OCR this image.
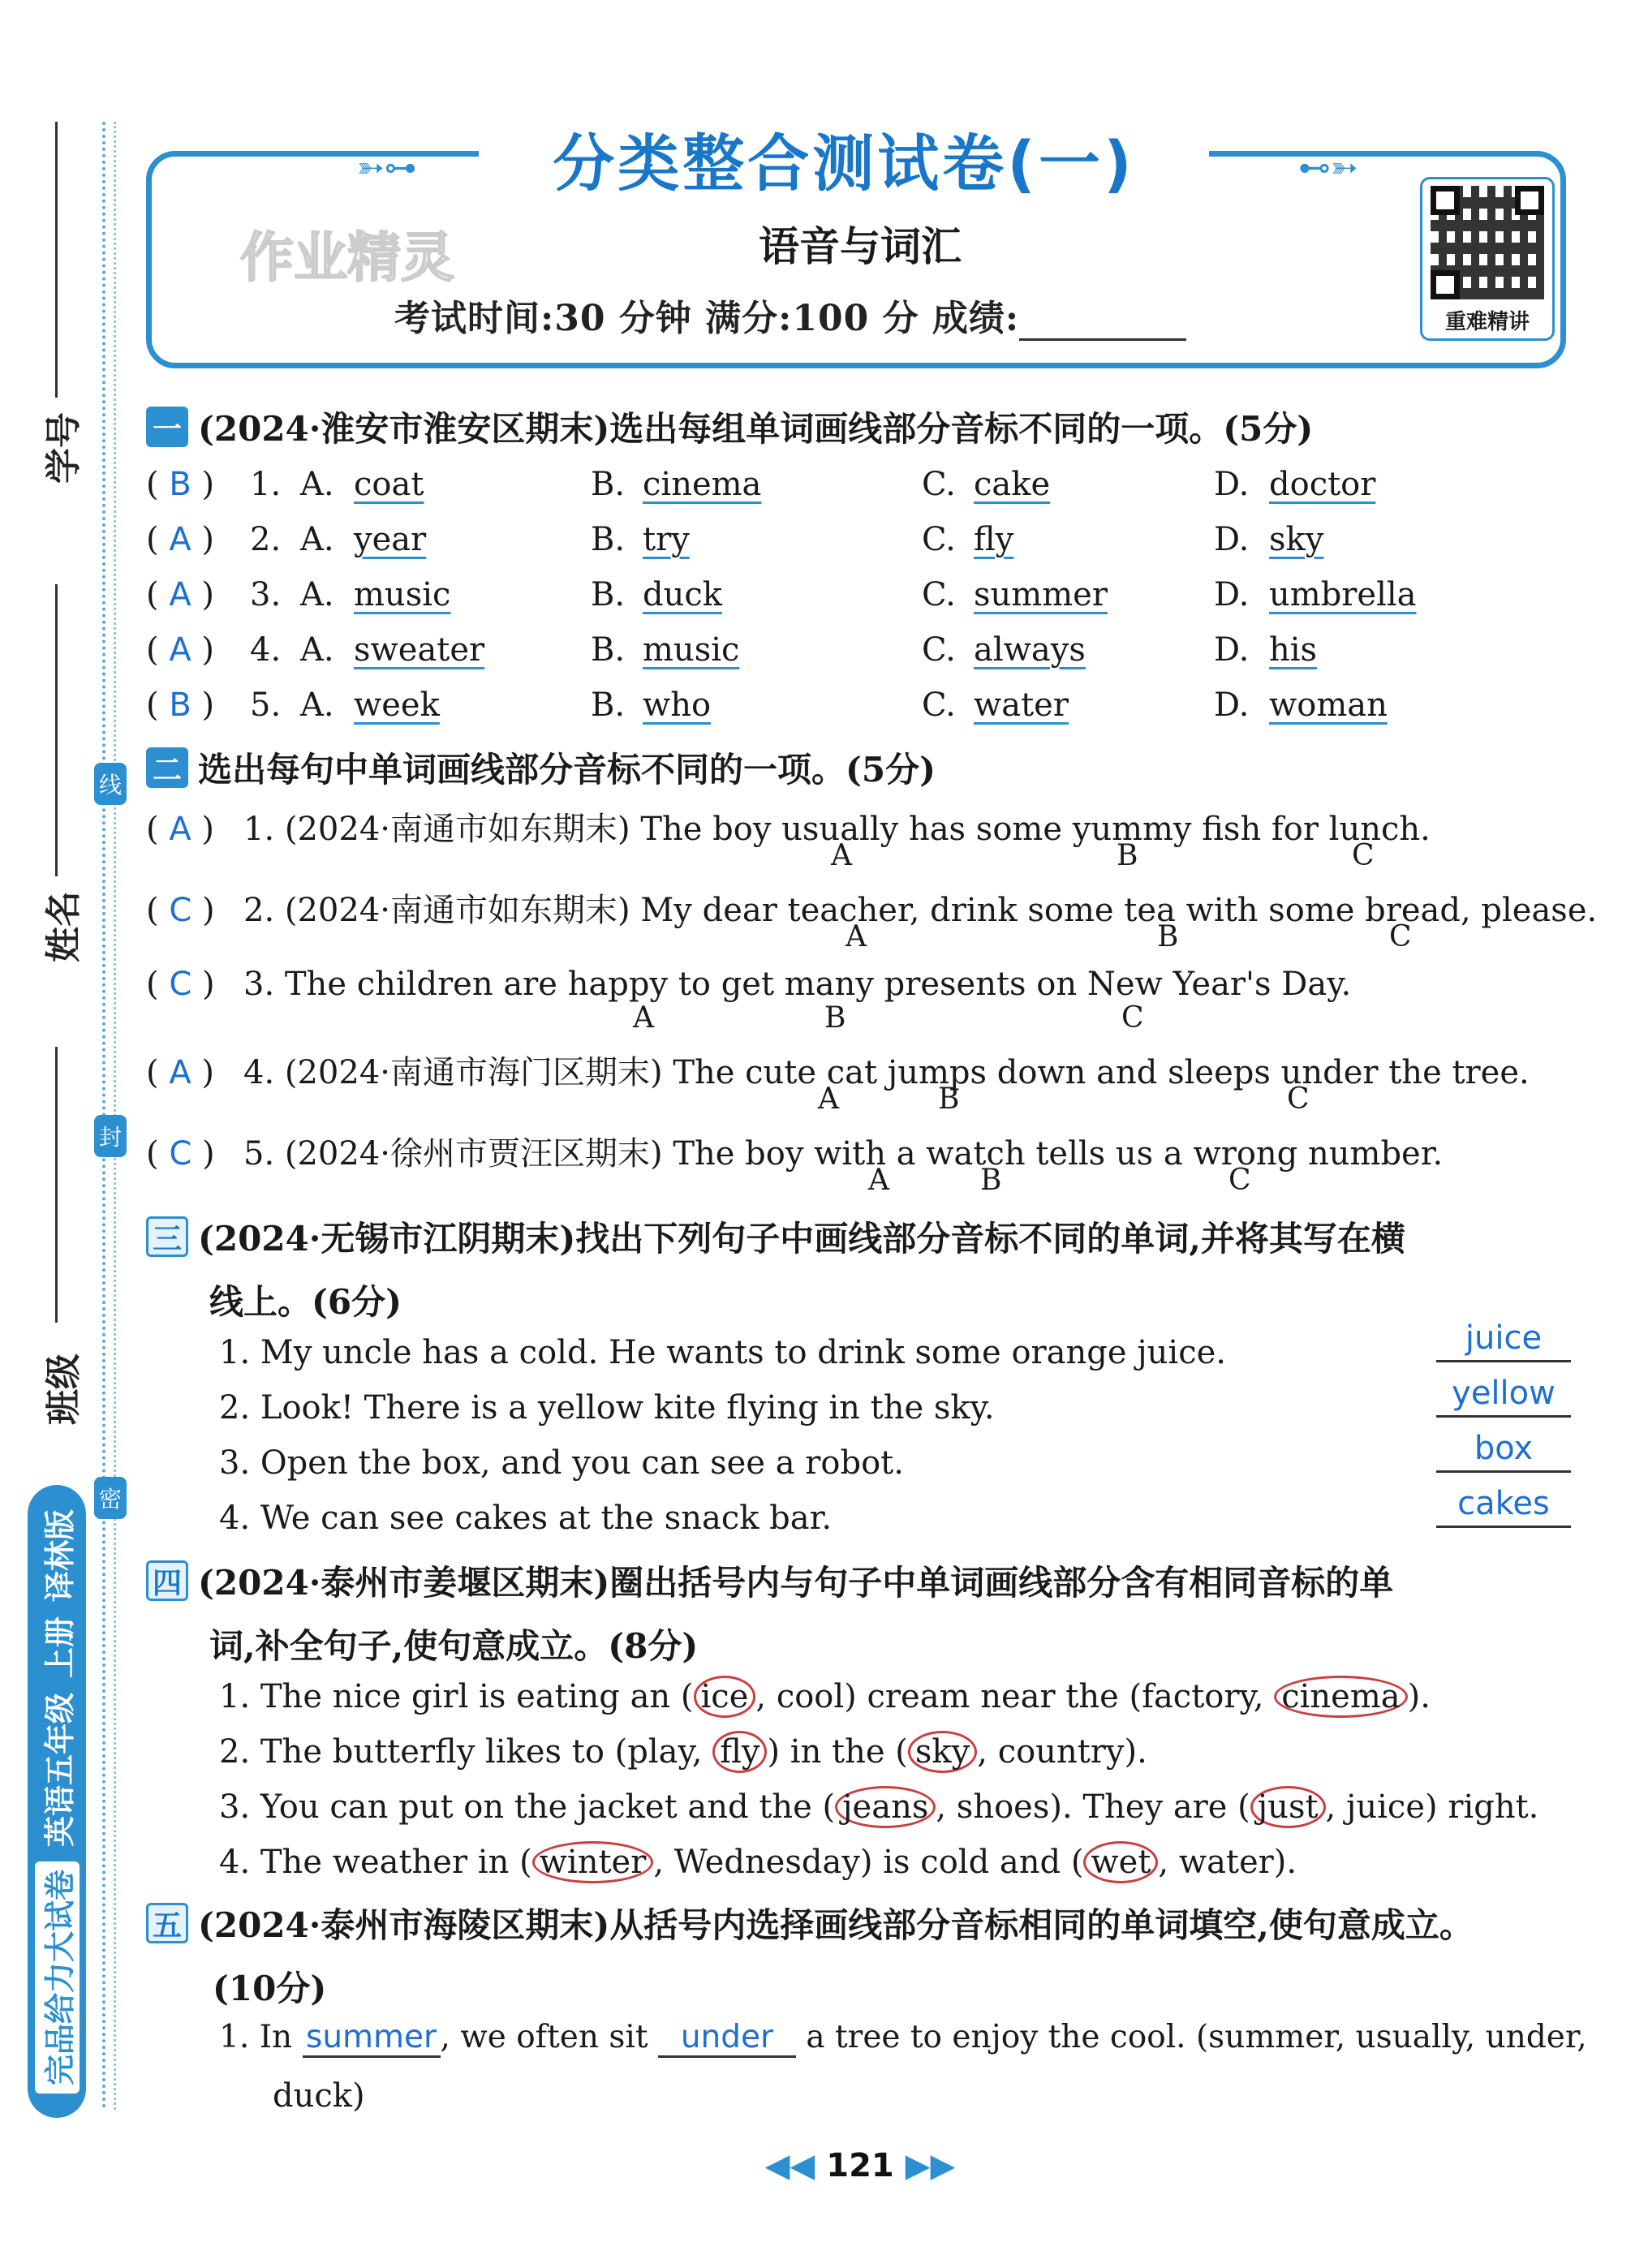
学号
姓名
班级
线
封
密
完品给力大试卷
英语五年级
上册
译林版
➳⊶	⊷➳
分类整合测试卷(一)
作业精灵	语音与词汇
考试时间:30 分钟 满分:100 分 成绩:	重难精讲
一 (2024·淮安市淮安区期末)选出每组单词画线部分音标不同的一项。(5分)
( B ) 1. A. coat	B. cinema	C. cake	D. doctor
( A ) 2. A. year	B. try	C. fly	D. sky
( A ) 3. A. music	B. duck	C. summer	D. umbrella
( A ) 4. A. sweater	B. music	C. always	D. his
( B ) 5. A. week	B. who	C. water	D. woman
二 选出每句中单词画线部分音标不同的一项。(5分)
( A ) 1. (2024·南通市如东期末) The boy usually has some yummy fish for lunch.
A	B	C
( C ) 2. (2024·南通市如东期末) My dear teacher, drink some tea with some bread, please.
A	B	C
( C ) 3. The children are happy to get many presents on New Year's Day.
A	B	C
( A ) 4. (2024·南通市海门区期末) The cute cat jumps down and sleeps under the tree.
A	B	C
( C ) 5. (2024·徐州市贾汪区期末) The boy with a watch tells us a wrong number.
A	B	C
三 (2024·无锡市江阴期末)找出下列句子中画线部分音标不同的单词,并将其写在横
线上。(6分)
1. My uncle has a cold. He wants to drink some orange juice.	juice
2. Look! There is a yellow kite flying in the sky.	yellow
3. Open the box, and you can see a robot.	box
4. We can see cakes at the snack bar.	cakes
四 (2024·泰州市姜堰区期末)圈出括号内与句子中单词画线部分含有相同音标的单
词,补全句子,使句意成立。(8分)
1. The nice girl is eating an ( ice , cool) cream near the (factory, cinema ).
2. The butterfly likes to (play, fly ) in the ( sky , country).
3. You can put on the jacket and the ( jeans , shoes). They are ( just , juice) right.
4. The weather in ( winter , Wednesday) is cold and ( wet , water).
五 (2024·泰州市海陵区期末)从括号内选择画线部分音标相同的单词填空,使句意成立。
(10分)
1. In summer , we often sit under a tree to enjoy the cool. (summer, usually, under,
duck)
◀◀ 121 ▶▶
